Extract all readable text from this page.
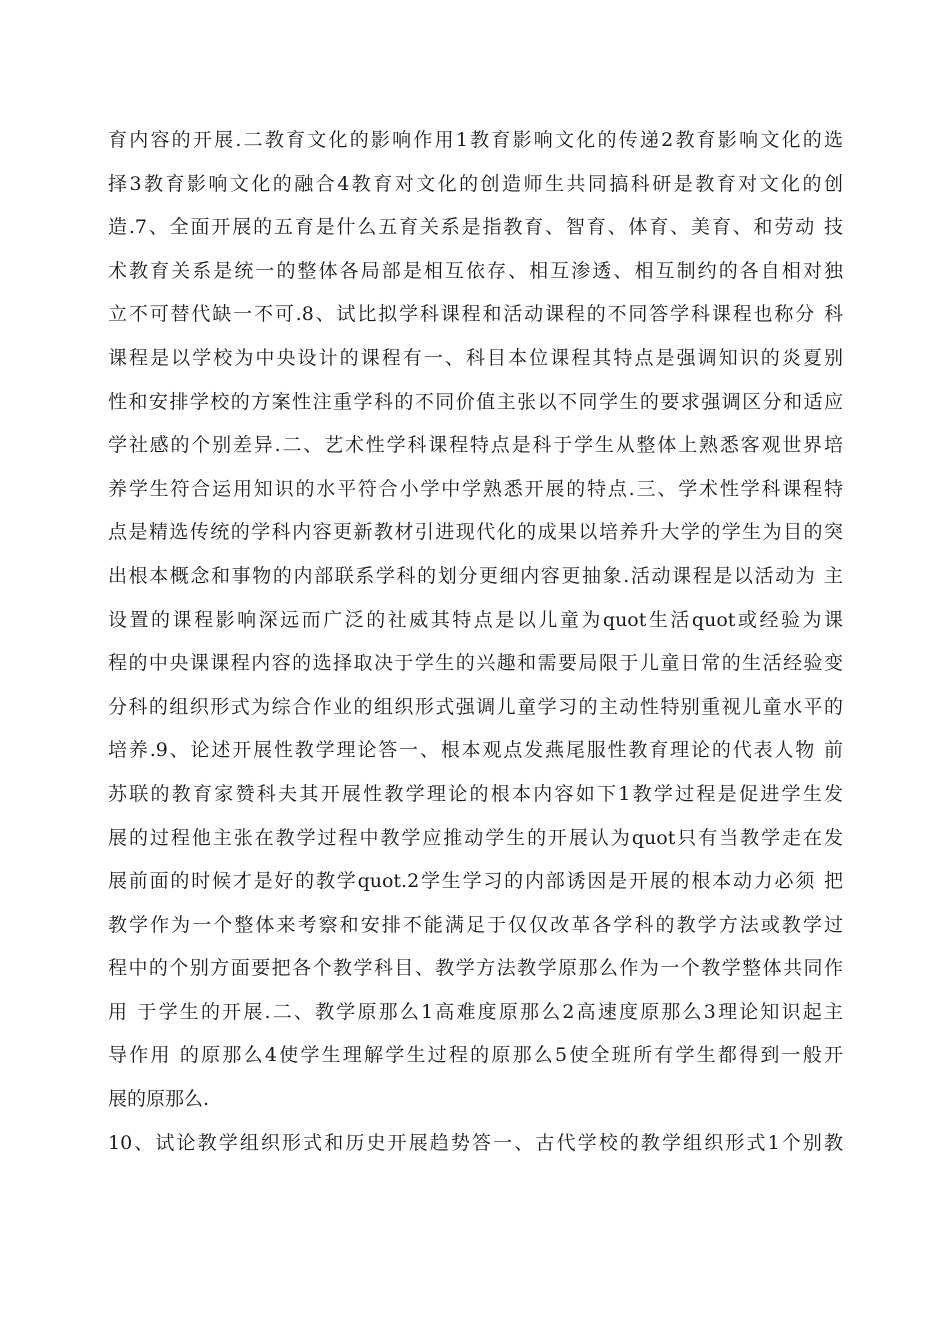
育内容的开展.二教育文化的影响作用1教育影响文化的传递2教育影响文化的选
择3教育影响文化的融合4教育对文化的创造师生共同搞科研是教育对文化的创
造.7、全面开展的五育是什么五育关系是指教育、智育、体育、美育、和劳动 技
术教育关系是统一的整体各局部是相互依存、相互渗透、相互制约的各自相对独
立不可替代缺一不可.8、试比拟学科课程和活动课程的不同答学科课程也称分 科
课程是以学校为中央设计的课程有一、科目本位课程其特点是强调知识的炎夏别
性和安排学校的方案性注重学科的不同价值主张以不同学生的要求强调区分和适应
学社感的个别差异.二、艺术性学科课程特点是科于学生从整体上熟悉客观世界培
养学生符合运用知识的水平符合小学中学熟悉开展的特点.三、学术性学科课程特
点是精选传统的学科内容更新教材引进现代化的成果以培养升大学的学生为目的突
出根本概念和事物的内部联系学科的划分更细内容更抽象.活动课程是以活动为 主
设置的课程影响深远而广泛的社威其特点是以儿童为quot生活quot或经验为课
程的中央课课程内容的选择取决于学生的兴趣和需要局限于儿童日常的生活经验变
分科的组织形式为综合作业的组织形式强调儿童学习的主动性特别重视儿童水平的
培养.9、论述开展性教学理论答一、根本观点发燕尾服性教育理论的代表人物 前
苏联的教育家赞科夫其开展性教学理论的根本内容如下1教学过程是促进学生发
展的过程他主张在教学过程中教学应推动学生的开展认为quot只有当教学走在发
展前面的时候才是好的教学quot.2学生学习的内部诱因是开展的根本动力必须 把
教学作为一个整体来考察和安排不能满足于仅仅改革各学科的教学方法或教学过
程中的个别方面要把各个教学科目、教学方法教学原那么作为一个教学整体共同作
用 于学生的开展.二、教学原那么1高难度原那么2高速度原那么3理论知识起主
导作用 的原那么4使学生理解学生过程的原那么5使全班所有学生都得到一般开
展的原那么.
10、试论教学组织形式和历史开展趋势答一、古代学校的教学组织形式1个别教
